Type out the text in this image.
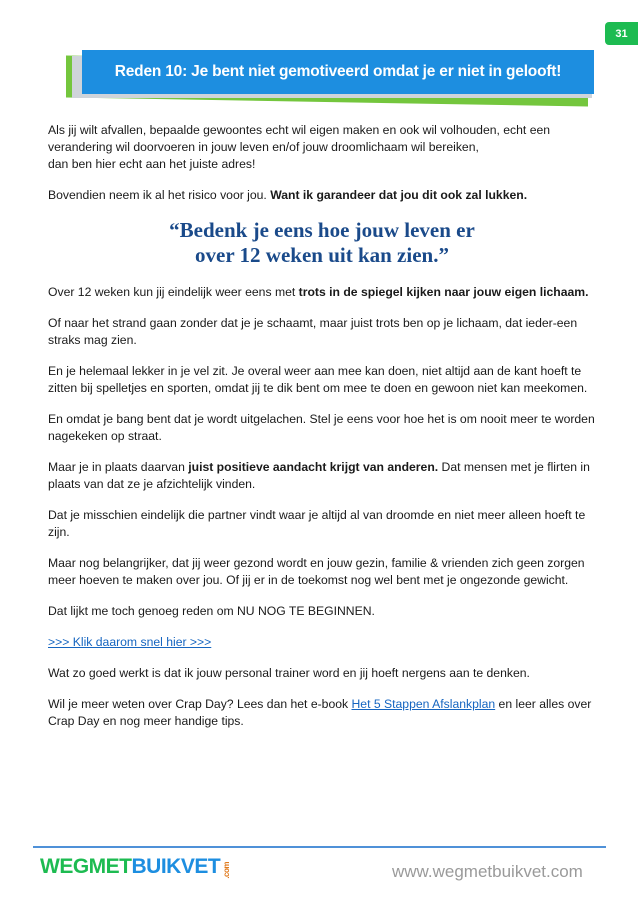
31
Reden 10: Je bent niet gemotiveerd omdat je er niet in gelooft!

Als jij wilt afvallen, bepaalde gewoontes echt wil eigen maken en ook wil volhouden, echt een
verandering wil doorvoeren in jouw leven en/of jouw droomlichaam wil bereiken,
dan ben hier echt aan het juiste adres!

Bovendien neem ik al het risico voor jou. Want ik garandeer dat jou dit ook zal lukken.

“Bedenk je eens hoe jouw leven er
over 12 weken uit kan zien.”

Over 12 weken kun jij eindelijk weer eens met trots in de spiegel kijken naar jouw eigen lichaam.

Of naar het strand gaan zonder dat je je schaamt, maar juist trots ben op je lichaam, dat ieder-een straks mag zien.

En je helemaal lekker in je vel zit. Je overal weer aan mee kan doen, niet altijd aan de kant hoeft te zitten bij spelletjes en sporten, omdat jij te dik bent om mee te doen en gewoon niet kan meekomen.

En omdat je bang bent dat je wordt uitgelachen. Stel je eens voor hoe het is om nooit meer te worden nagekeken op straat.

Maar je in plaats daarvan juist positieve aandacht krijgt van anderen. Dat mensen met je flirten in plaats van dat ze je afzichtelijk vinden.

Dat je misschien eindelijk die partner vindt waar je altijd al van droomde en niet meer alleen hoeft te zijn.

Maar nog belangrijker, dat jij weer gezond wordt en jouw gezin, familie & vrienden zich geen zorgen meer hoeven te maken over jou. Of jij er in de toekomst nog wel bent met je ongezonde gewicht.

Dat lijkt me toch genoeg reden om NU NOG TE BEGINNEN.

>>> Klik daarom snel hier >>>

Wat zo goed werkt is dat ik jouw personal trainer word en jij hoeft nergens aan te denken.

Wil je meer weten over Crap Day? Lees dan het e-book Het 5 Stappen Afslankplan en leer alles over Crap Day en nog meer handige tips.

WEGMET BUIKVET .com	www.wegmetbuikvet.com
